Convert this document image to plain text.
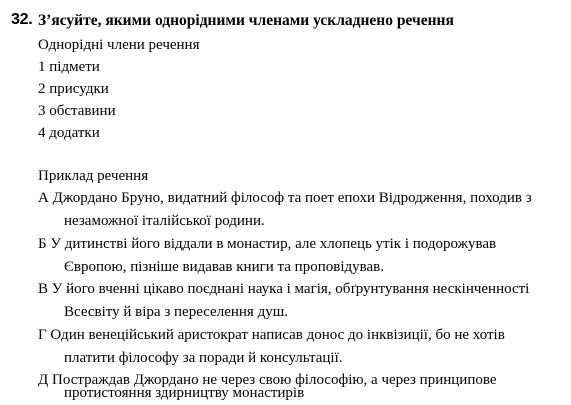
32. З’ясуйте, якими однорідними членами ускладнено речення
Однорідні члени речення
1 підмети
2 присудки
3 обставини
4 додатки
Приклад речення
А Джордано Бруно, видатний філософ та поет епохи Відродження, походив з
незаможної італійської родини.
Б У дитинстві його віддали в монастир, але хлопець утік і подорожував
Європою, пізніше видавав книги та проповідував.
В У його вченні цікаво поєднані наука і магія, обґрунтування нескінченності
Всесвіту й віра з переселення душ.
Г Один венеційський аристократ написав донос до інквізиції, бо не хотів
платити філософу за поради й консультації.
Д Постраждав Джордано не через свою філософію, а через принципове
протистояння здирництву монастирів
